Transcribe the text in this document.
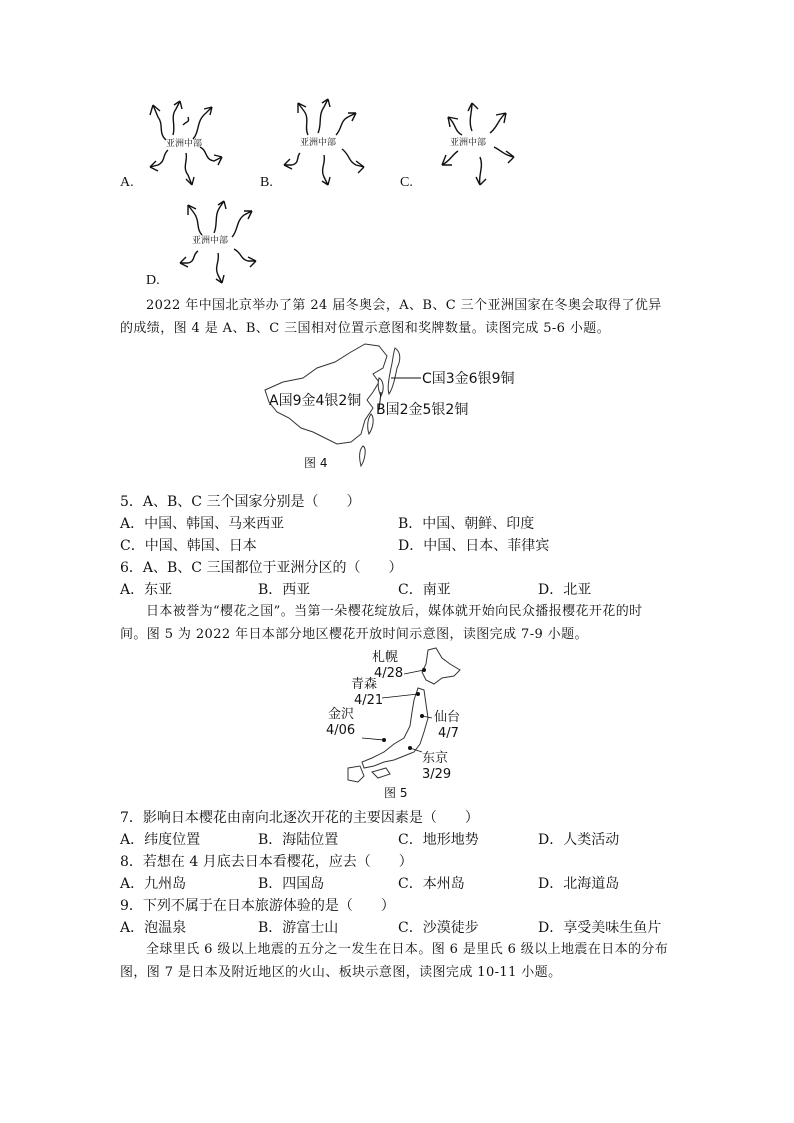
A.
亚洲中部
B.
亚洲中部
C.
亚洲中部
D.
亚洲中部
2022 年中国北京举办了第 24 届冬奥会，A、B、C 三个亚洲国家在冬奥会取得了优异
的成绩，图 4 是 A、B、C 三国相对位置示意图和奖牌数量。读图完成 5-6 小题。
C国3金6银9铜
A国9金4银2铜
B国2金5银2铜
图 4
5．A、B、C 三个国家分别是（　　）
A．中国、韩国、马来西亚	B．中国、朝鲜、印度
C．中国、韩国、日本	D．中国、日本、菲律宾
6．A、B、C 三国都位于亚洲分区的（　　）
A．东亚	B．西亚	C．南亚	D．北亚
日本被誉为“樱花之国”。当第一朵樱花绽放后，媒体就开始向民众播报樱花开花的时
间。图 5 为 2022 年日本部分地区樱花开放时间示意图，读图完成 7-9 小题。
札幌
4/28
青森
4/21
金沢
4/06
仙台
4/7
东京
3/29
图 5
7．影响日本樱花由南向北逐次开花的主要因素是（　　）
A．纬度位置	B．海陆位置	C．地形地势	D．人类活动
8．若想在 4 月底去日本看樱花，应去（　　）
A．九州岛	B．四国岛	C．本州岛	D．北海道岛
9．下列不属于在日本旅游体验的是（　　）
A．泡温泉	B．游富士山	C．沙漠徒步	D．享受美味生鱼片
全球里氏 6 级以上地震的五分之一发生在日本。图 6 是里氏 6 级以上地震在日本的分布
图，图 7 是日本及附近地区的火山、板块示意图，读图完成 10-11 小题。
